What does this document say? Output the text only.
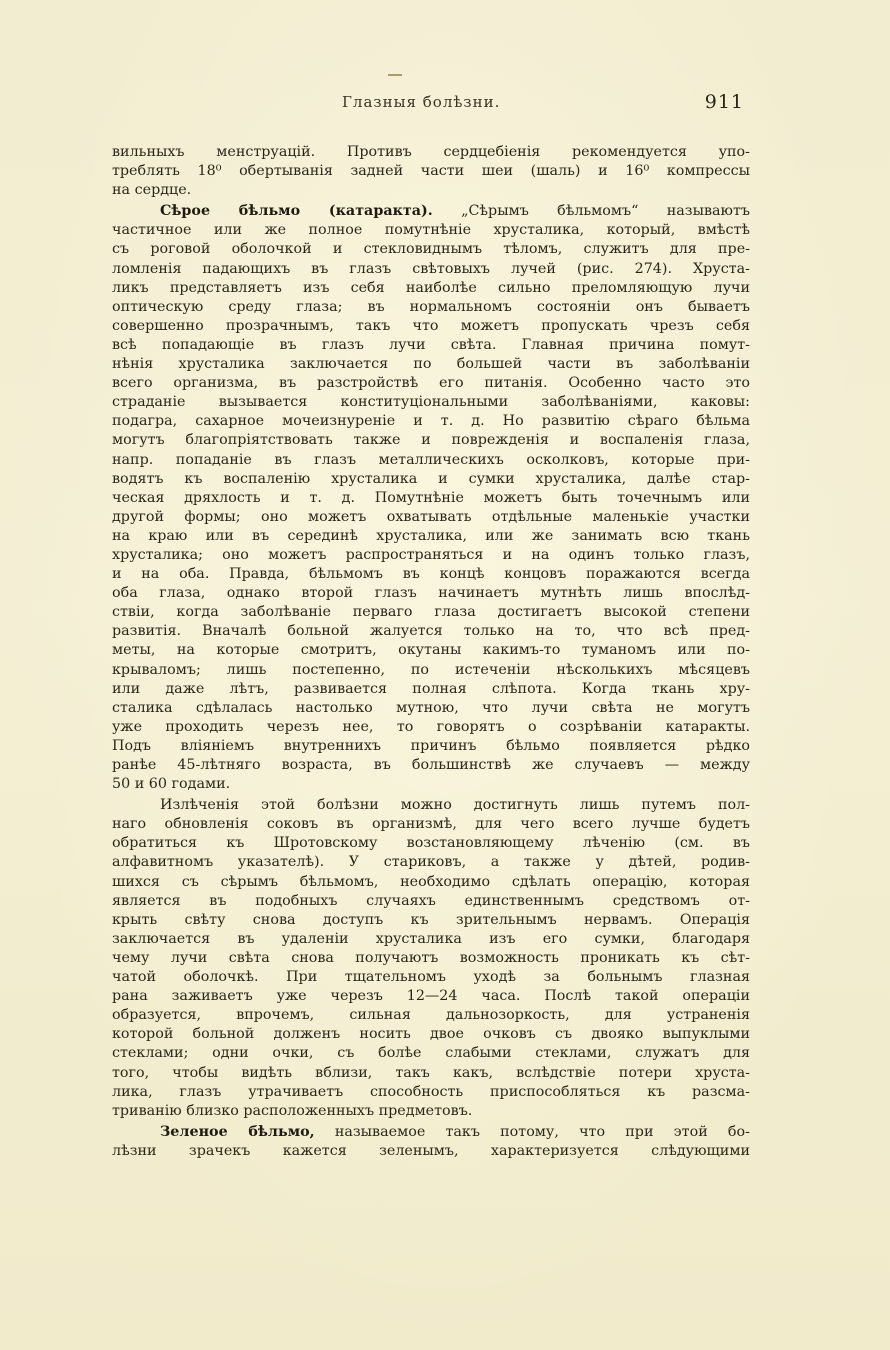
Глазныя болѣзни.	911
вильныхъ менструацій. Противъ сердцебіенія рекомендуется упо-
треблять 18⁰ обертыванія задней части шеи (шаль) и 16⁰ компрессы
на сердце.
Сѣрое бѣльмо (катаракта). „Сѣрымъ бѣльмомъ“ называютъ
частичное или же полное помутнѣніе хрусталика, который, вмѣстѣ
съ роговой оболочкой и стекловиднымъ тѣломъ, служитъ для пре-
ломленія падающихъ въ глазъ свѣтовыхъ лучей (рис. 274). Хруста-
ликъ представляетъ изъ себя наиболѣе сильно преломляющую лучи
оптическую среду глаза; въ нормальномъ состояніи онъ бываетъ
совершенно прозрачнымъ, такъ что можетъ пропускать чрезъ себя
всѣ попадающіе въ глазъ лучи свѣта. Главная причина помут-
нѣнія хрусталика заключается по большей части въ заболѣваніи
всего организма, въ разстройствѣ его питанія. Особенно часто это
страданіе вызывается конституціональными заболѣваніями, каковы:
подагра, сахарное мочеизнуреніе и т. д. Но развитію сѣраго бѣльма
могутъ благопріятствовать также и поврежденія и воспаленія глаза,
напр. попаданіе въ глазъ металлическихъ осколковъ, которые при-
водятъ къ воспаленію хрусталика и сумки хрусталика, далѣе стар-
ческая дряхлость и т. д. Помутнѣніе можетъ быть точечнымъ или
другой формы; оно можетъ охватывать отдѣльные маленькіе участки
на краю или въ серединѣ хрусталика, или же занимать всю ткань
хрусталика; оно можетъ распространяться и на одинъ только глазъ,
и на оба. Правда, бѣльмомъ въ концѣ концовъ поражаются всегда
оба глаза, однако второй глазъ начинаетъ мутнѣть лишь впослѣд-
ствіи, когда заболѣваніе перваго глаза достигаетъ высокой степени
развитія. Вначалѣ больной жалуется только на то, что всѣ пред-
меты, на которые смотритъ, окутаны какимъ-то туманомъ или по-
крываломъ; лишь постепенно, по истеченіи нѣсколькихъ мѣсяцевъ
или даже лѣтъ, развивается полная слѣпота. Когда ткань хру-
сталика сдѣлалась настолько мутною, что лучи свѣта не могутъ
уже проходить черезъ нее, то говорятъ о созрѣваніи катаракты.
Подъ вліяніемъ внутреннихъ причинъ бѣльмо появляется рѣдко
ранѣе 45-лѣтняго возраста, въ большинствѣ же случаевъ — между
50 и 60 годами.
Излѣченія этой болѣзни можно достигнуть лишь путемъ пол-
наго обновленія соковъ въ организмѣ, для чего всего лучше будетъ
обратиться къ Шротовскому возстановляющему лѣченію (см. въ
алфавитномъ указателѣ). У стариковъ, а также у дѣтей, родив-
шихся съ сѣрымъ бѣльмомъ, необходимо сдѣлать операцію, которая
является въ подобныхъ случаяхъ единственнымъ средствомъ от-
крыть свѣту снова доступъ къ зрительнымъ нервамъ. Операція
заключается въ удаленіи хрусталика изъ его сумки, благодаря
чему лучи свѣта снова получаютъ возможность проникать къ сѣт-
чатой оболочкѣ. При тщательномъ уходѣ за больнымъ глазная
рана заживаетъ уже черезъ 12—24 часа. Послѣ такой операціи
образуется, впрочемъ, сильная дальнозоркость, для устраненія
которой больной долженъ носить двое очковъ съ двояко выпуклыми
стеклами; одни очки, съ болѣе слабыми стеклами, служатъ для
того, чтобы видѣть вблизи, такъ какъ, вслѣдствіе потери хруста-
лика, глазъ утрачиваетъ способность приспособляться къ разсма-
триванію близко расположенныхъ предметовъ.
Зеленое бѣльмо, называемое такъ потому, что при этой бо-
лѣзни зрачекъ кажется зеленымъ, характеризуется слѣдующими
